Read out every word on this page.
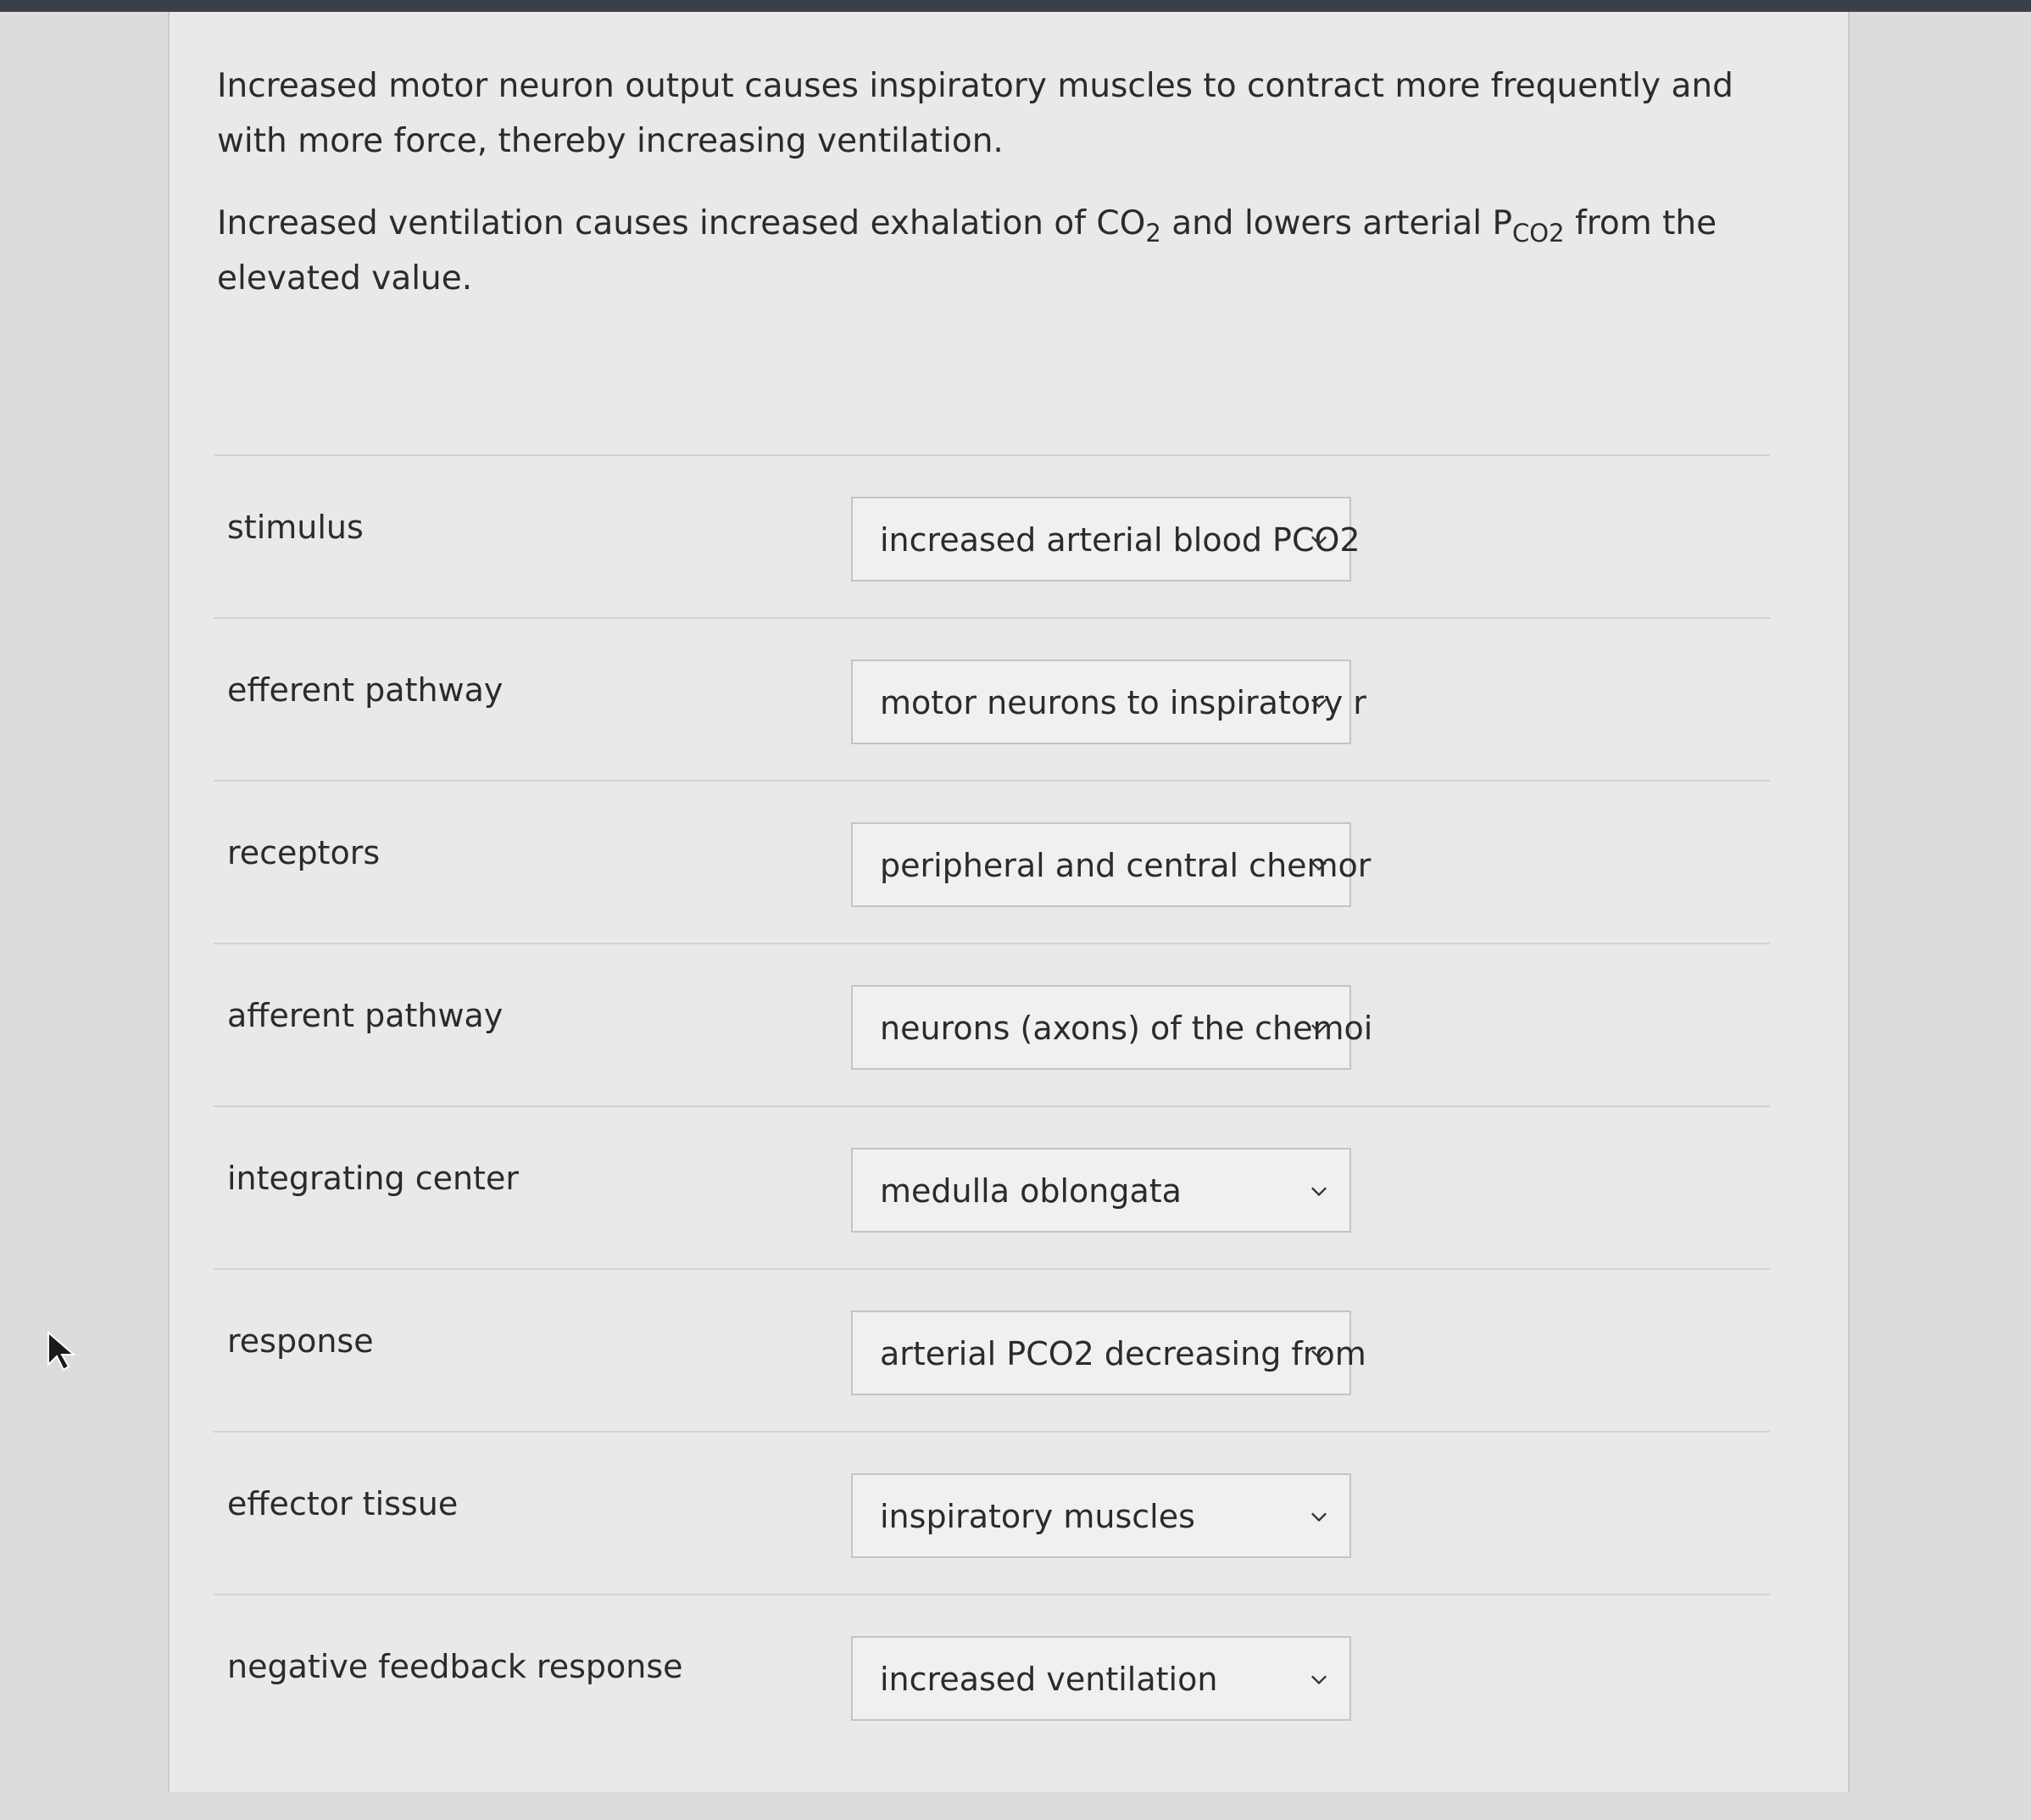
Increased motor neuron output causes inspiratory muscles to contract more frequently and with more force, thereby increasing ventilation.

Increased ventilation causes increased exhalation of $CO_2$ and lowers arterial $P_{CO2}$ from the elevated value.

stimulus	increased arterial blood PCO2
efferent pathway	motor neurons to inspiratory r
receptors	peripheral and central chemor
afferent pathway	neurons (axons) of the chemoi
integrating center	medulla oblongata
response	arterial PCO2 decreasing from
effector tissue	inspiratory muscles
negative feedback response	increased ventilation
